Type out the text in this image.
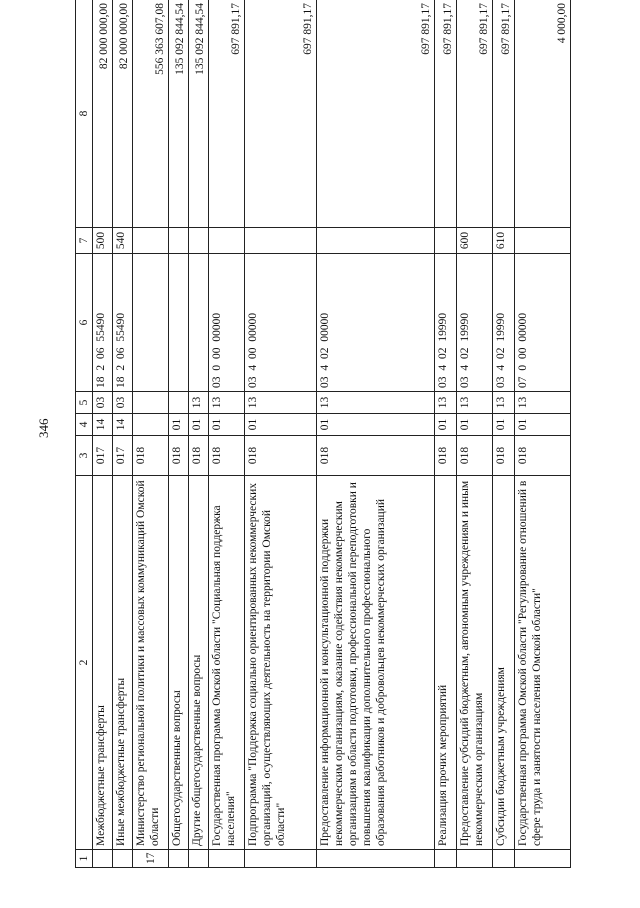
346
1	2	3	4	5	6	7	8
	Межбюджетные трансферты	017	14	03	18 2 06 55490	500	82 000 000,00
	Иные межбюджетные трансферты	017	14	03	18 2 06 55490	540	82 000 000,00
17	Министерство региональной политики и массовых коммуникаций Омской области	018					556 363 607,08
	Общегосударственные вопросы	018	01				135 092 844,54
	Другие общегосударственные вопросы	018	01	13			135 092 844,54
	Государственная программа Омской области "Социальная поддержка населения"	018	01	13	03 0 00 00000		697 891,17
	Подпрограмма "Поддержка социально ориентированных некоммерческих организаций, осуществляющих деятельность на территории Омской области"	018	01	13	03 4 00 00000		697 891,17
	Предоставление информационной и консультационной поддержки некоммерческим организациям, оказание содействия некоммерческим организациям в области подготовки, профессиональной переподготовки и повышения квалификации дополнительного профессионального образования работников и добровольцев некоммерческих организаций	018	01	13	03 4 02 00000		697 891,17
	Реализация прочих мероприятий	018	01	13	03 4 02 19990		697 891,17
	Предоставление субсидий бюджетным, автономным учреждениям и иным некоммерческим организациям	018	01	13	03 4 02 19990	600	697 891,17
	Субсидии бюджетным учреждениям	018	01	13	03 4 02 19990	610	697 891,17
	Государственная программа Омской области "Регулирование отношений в сфере труда и занятости населения Омской области"	018	01	13	07 0 00 00000		4 000,00
